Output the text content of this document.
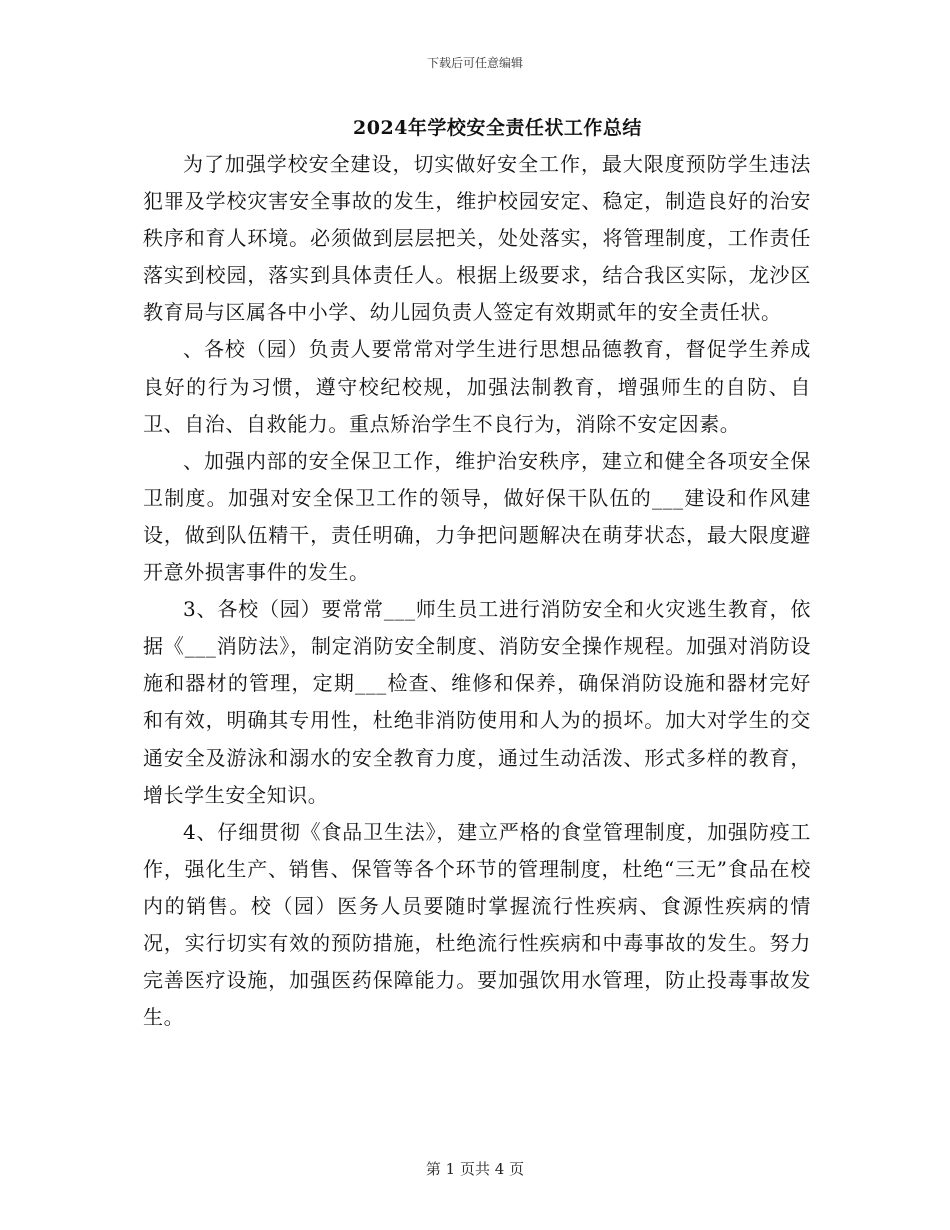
下载后可任意编辑
2024年学校安全责任状工作总结

为了加强学校安全建设，切实做好安全工作，最大限度预防学生违法犯罪及学校灾害安全事故的发生，维护校园安定、稳定，制造良好的治安秩序和育人环境。必须做到层层把关，处处落实，将管理制度，工作责任落实到校园，落实到具体责任人。根据上级要求，结合我区实际，龙沙区教育局与区属各中小学、幼儿园负责人签定有效期贰年的安全责任状。

、各校（园）负责人要常常对学生进行思想品德教育，督促学生养成良好的行为习惯，遵守校纪校规，加强法制教育，增强师生的自防、自卫、自治、自救能力。重点矫治学生不良行为，消除不安定因素。

、加强内部的安全保卫工作，维护治安秩序，建立和健全各项安全保卫制度。加强对安全保卫工作的领导，做好保干队伍的___建设和作风建设，做到队伍精干，责任明确，力争把问题解决在萌芽状态，最大限度避开意外损害事件的发生。

3、各校（园）要常常___师生员工进行消防安全和火灾逃生教育，依据《___消防法》，制定消防安全制度、消防安全操作规程。加强对消防设施和器材的管理，定期___检查、维修和保养，确保消防设施和器材完好和有效，明确其专用性，杜绝非消防使用和人为的损坏。加大对学生的交通安全及游泳和溺水的安全教育力度，通过生动活泼、形式多样的教育，增长学生安全知识。

4、仔细贯彻《食品卫生法》，建立严格的食堂管理制度，加强防疫工作，强化生产、销售、保管等各个环节的管理制度，杜绝“三无”食品在校内的销售。校（园）医务人员要随时掌握流行性疾病、食源性疾病的情况，实行切实有效的预防措施，杜绝流行性疾病和中毒事故的发生。努力完善医疗设施，加强医药保障能力。要加强饮用水管理，防止投毒事故发生。

第 1 页共 4 页
